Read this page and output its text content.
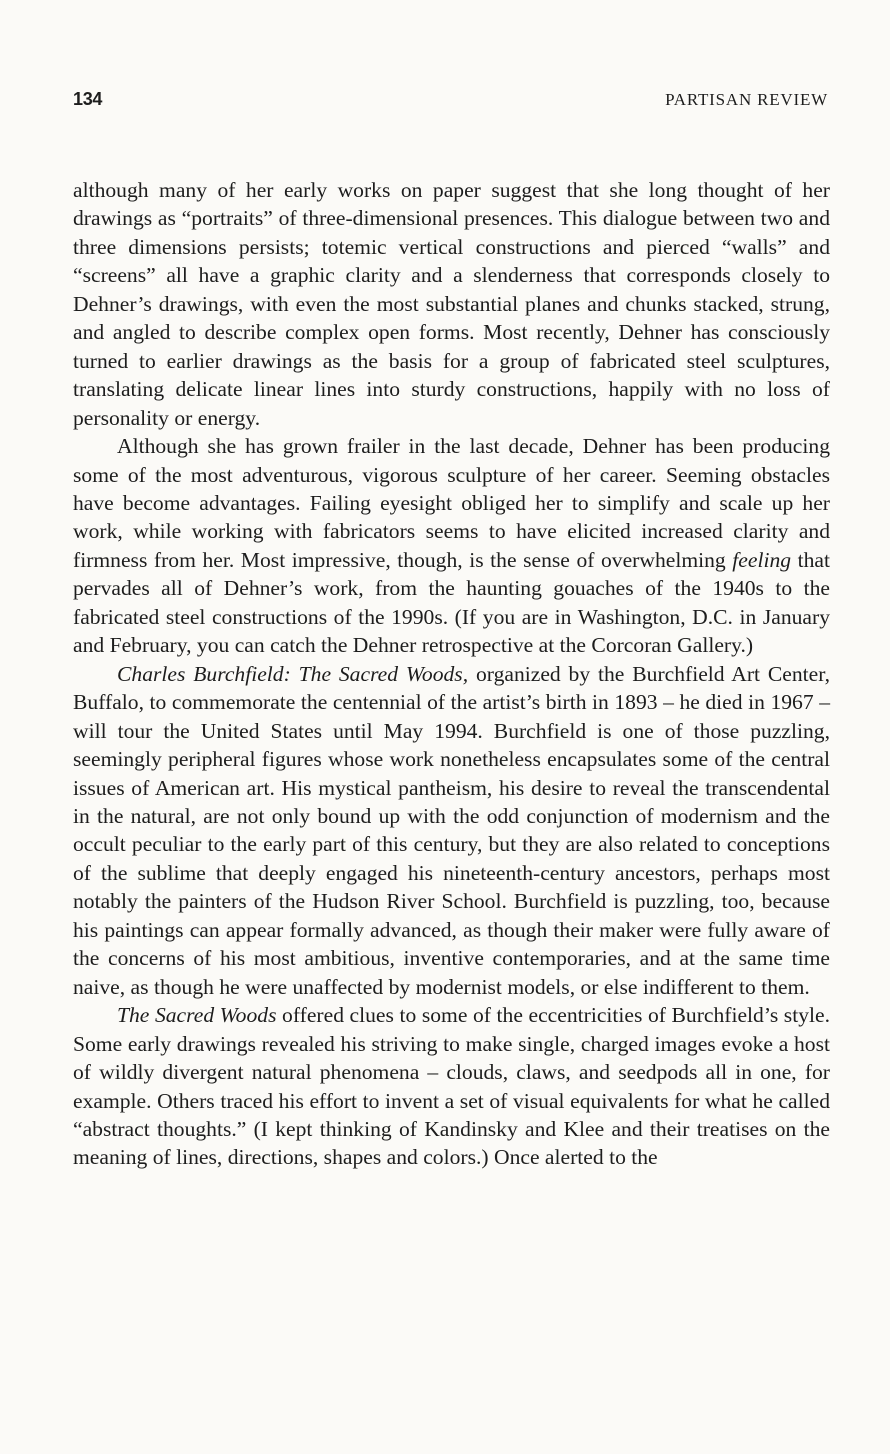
134	PARTISAN REVIEW

although many of her early works on paper suggest that she long thought of her drawings as “portraits” of three-dimensional presences. This dialogue between two and three dimensions persists; totemic vertical constructions and pierced “walls” and “screens” all have a graphic clarity and a slenderness that corresponds closely to Dehner’s drawings, with even the most substantial planes and chunks stacked, strung, and angled to describe complex open forms. Most recently, Dehner has consciously turned to earlier drawings as the basis for a group of fabricated steel sculptures, translating delicate linear lines into sturdy constructions, happily with no loss of personality or energy.

Although she has grown frailer in the last decade, Dehner has been producing some of the most adventurous, vigorous sculpture of her career. Seeming obstacles have become advantages. Failing eyesight obliged her to simplify and scale up her work, while working with fabricators seems to have elicited increased clarity and firmness from her. Most impressive, though, is the sense of overwhelming feeling that pervades all of Dehner’s work, from the haunting gouaches of the 1940s to the fabricated steel constructions of the 1990s. (If you are in Washington, D.C. in January and February, you can catch the Dehner retrospective at the Corcoran Gallery.)

Charles Burchfield: The Sacred Woods, organized by the Burchfield Art Center, Buffalo, to commemorate the centennial of the artist’s birth in 1893 – he died in 1967 – will tour the United States until May 1994. Burchfield is one of those puzzling, seemingly peripheral figures whose work nonetheless encapsulates some of the central issues of American art. His mystical pantheism, his desire to reveal the transcendental in the natural, are not only bound up with the odd conjunction of modernism and the occult peculiar to the early part of this century, but they are also related to conceptions of the sublime that deeply engaged his nineteenth-century ancestors, perhaps most notably the painters of the Hudson River School. Burchfield is puzzling, too, because his paintings can appear formally advanced, as though their maker were fully aware of the concerns of his most ambitious, inventive contemporaries, and at the same time naive, as though he were unaffected by modernist models, or else indifferent to them.

The Sacred Woods offered clues to some of the eccentricities of Burchfield’s style. Some early drawings revealed his striving to make single, charged images evoke a host of wildly divergent natural phenomena – clouds, claws, and seedpods all in one, for example. Others traced his effort to invent a set of visual equivalents for what he called “abstract thoughts.” (I kept thinking of Kandinsky and Klee and their treatises on the meaning of lines, directions, shapes and colors.) Once alerted to the
